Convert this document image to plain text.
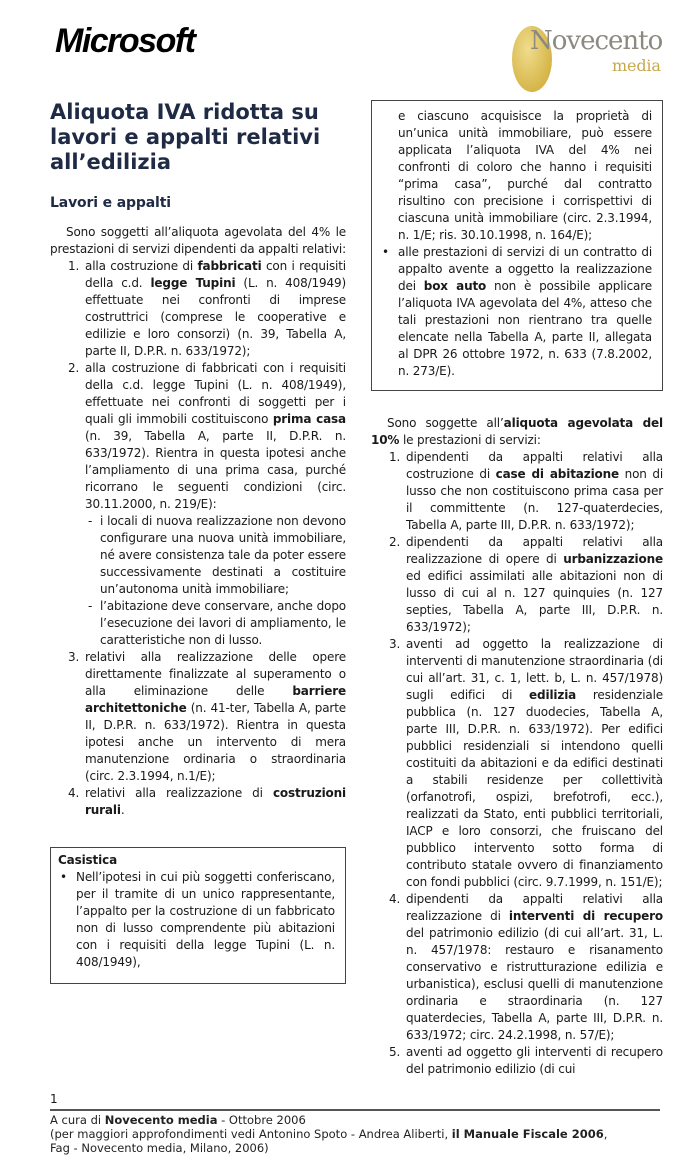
Microsoft	Novecento
media
Aliquota IVA ridotta su lavori e appalti relativi all’edilizia
Lavori e appalti

Sono soggetti all’aliquota agevolata del 4% le prestazioni di servizi dipendenti da appalti relativi:

1. alla costruzione di fabbricati con i requisiti della c.d. legge Tupini (L. n. 408/1949) effettuate nei confronti di imprese costruttrici (comprese le cooperative e edilizie e loro consorzi) (n. 39, Tabella A, parte II, D.P.R. n. 633/1972);
2. alla costruzione di fabbricati con i requisiti della c.d. legge Tupini (L. n. 408/1949), effettuate nei confronti di soggetti per i quali gli immobili costituiscono prima casa (n. 39, Tabella A, parte II, D.P.R. n. 633/1972). Rientra in questa ipotesi anche l’ampliamento di una prima casa, purché ricorrano le seguenti condizioni (circ. 30.11.2000, n. 219/E):
- i locali di nuova realizzazione non devono configurare una nuova unità immobiliare, né avere consistenza tale da poter essere successivamente destinati a costituire un’autonoma unità immobiliare;
- l’abitazione deve conservare, anche dopo l’esecuzione dei lavori di ampliamento, le caratteristiche non di lusso.
3. relativi alla realizzazione delle opere direttamente finalizzate al superamento o alla eliminazione delle barriere architettoniche (n. 41-ter, Tabella A, parte II, D.P.R. n. 633/1972). Rientra in questa ipotesi anche un intervento di mera manutenzione ordinaria o straordinaria (circ. 2.3.1994, n.1/E);
4. relativi alla realizzazione di costruzioni rurali.
Casistica
• Nell’ipotesi in cui più soggetti conferiscano, per il tramite di un unico rappresentante, l’appalto per la costruzione di un fabbricato non di lusso comprendente più abitazioni con i requisiti della legge Tupini (L. n. 408/1949),
e ciascuno acquisisce la proprietà di un’unica unità immobiliare, può essere applicata l’aliquota IVA del 4% nei confronti di coloro che hanno i requisiti “prima casa”, purché dal contratto risultino con precisione i corrispettivi di ciascuna unità immobiliare (circ. 2.3.1994, n. 1/E; ris. 30.10.1998, n. 164/E);
• alle prestazioni di servizi di un contratto di appalto avente a oggetto la realizzazione dei box auto non è possibile applicare l’aliquota IVA agevolata del 4%, atteso che tali prestazioni non rientrano tra quelle elencate nella Tabella A, parte II, allegata al DPR 26 ottobre 1972, n. 633 (7.8.2002, n. 273/E).

Sono soggette all’aliquota agevolata del 10% le prestazioni di servizi:

1. dipendenti da appalti relativi alla costruzione di case di abitazione non di lusso che non costituiscono prima casa per il committente (n. 127-quaterdecies, Tabella A, parte III, D.P.R. n. 633/1972);
2. dipendenti da appalti relativi alla realizzazione di opere di urbanizzazione ed edifici assimilati alle abitazioni non di lusso di cui al n. 127 quinquies (n. 127 septies, Tabella A, parte III, D.P.R. n. 633/1972);
3. aventi ad oggetto la realizzazione di interventi di manutenzione straordinaria (di cui all’art. 31, c. 1, lett. b, L. n. 457/1978) sugli edifici di edilizia residenziale pubblica (n. 127 duodecies, Tabella A, parte III, D.P.R. n. 633/1972). Per edifici pubblici residenziali si intendono quelli costituiti da abitazioni e da edifici destinati a stabili residenze per collettività (orfanotrofi, ospizi, brefotrofi, ecc.), realizzati da Stato, enti pubblici territoriali, IACP e loro consorzi, che fruiscano del pubblico intervento sotto forma di contributo statale ovvero di finanziamento con fondi pubblici (circ. 9.7.1999, n. 151/E);
4. dipendenti da appalti relativi alla realizzazione di interventi di recupero del patrimonio edilizio (di cui all’art. 31, L. n. 457/1978: restauro e risanamento conservativo e ristrutturazione edilizia e urbanistica), esclusi quelli di manutenzione ordinaria e straordinaria (n. 127 quaterdecies, Tabella A, parte III, D.P.R. n. 633/1972; circ. 24.2.1998, n. 57/E);
5. aventi ad oggetto gli interventi di recupero del patrimonio edilizio (di cui
1
A cura di Novecento media - Ottobre 2006
(per maggiori approfondimenti vedi Antonino Spoto - Andrea Aliberti, il Manuale Fiscale 2006,
Fag - Novecento media, Milano, 2006)
